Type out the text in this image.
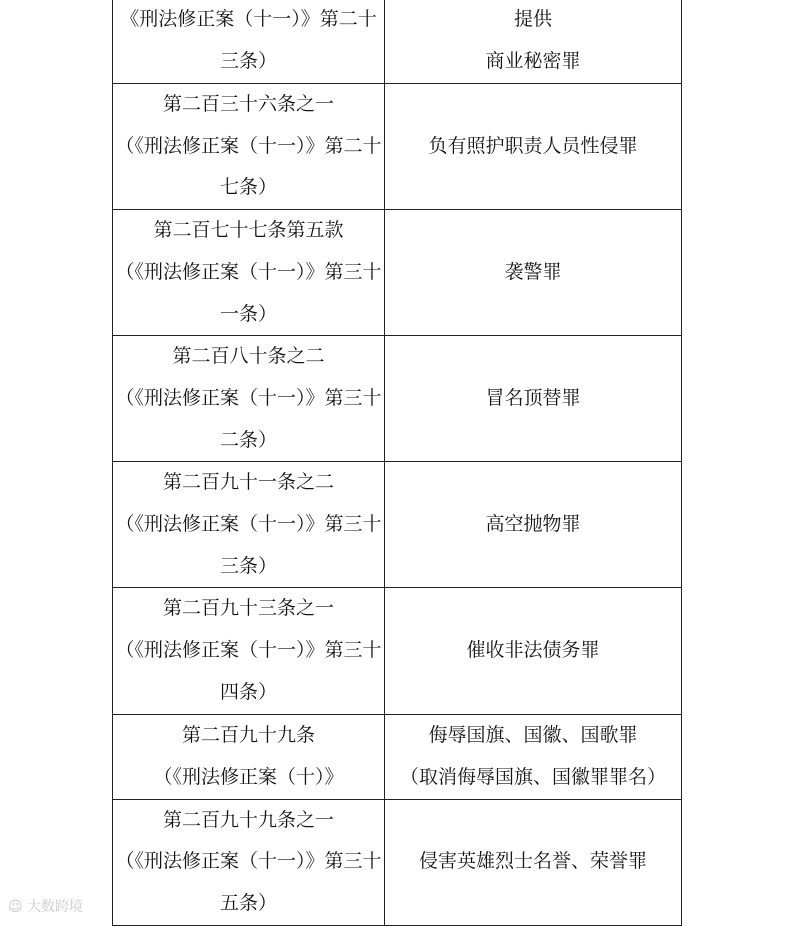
《刑法修正案（十一）》第二十
三条）	提供
商业秘密罪

第二百三十六条之一
（《刑法修正案（十一）》第二十
七条）	负有照护职责人员性侵罪

第二百七十七条第五款
（《刑法修正案（十一）》第三十
一条）	袭警罪

第二百八十条之二
（《刑法修正案（十一）》第三十
二条）	冒名顶替罪

第二百九十一条之二
（《刑法修正案（十一）》第三十
三条）	高空抛物罪

第二百九十三条之一
（《刑法修正案（十一）》第三十
四条）	催收非法债务罪

第二百九十九条
（《刑法修正案（十）》	侮辱国旗、国徽、国歌罪
（取消侮辱国旗、国徽罪罪名）

第二百九十九条之一
（《刑法修正案（十一）》第三十
五条）	侵害英雄烈士名誉、荣誉罪
☺ 大数跨境
